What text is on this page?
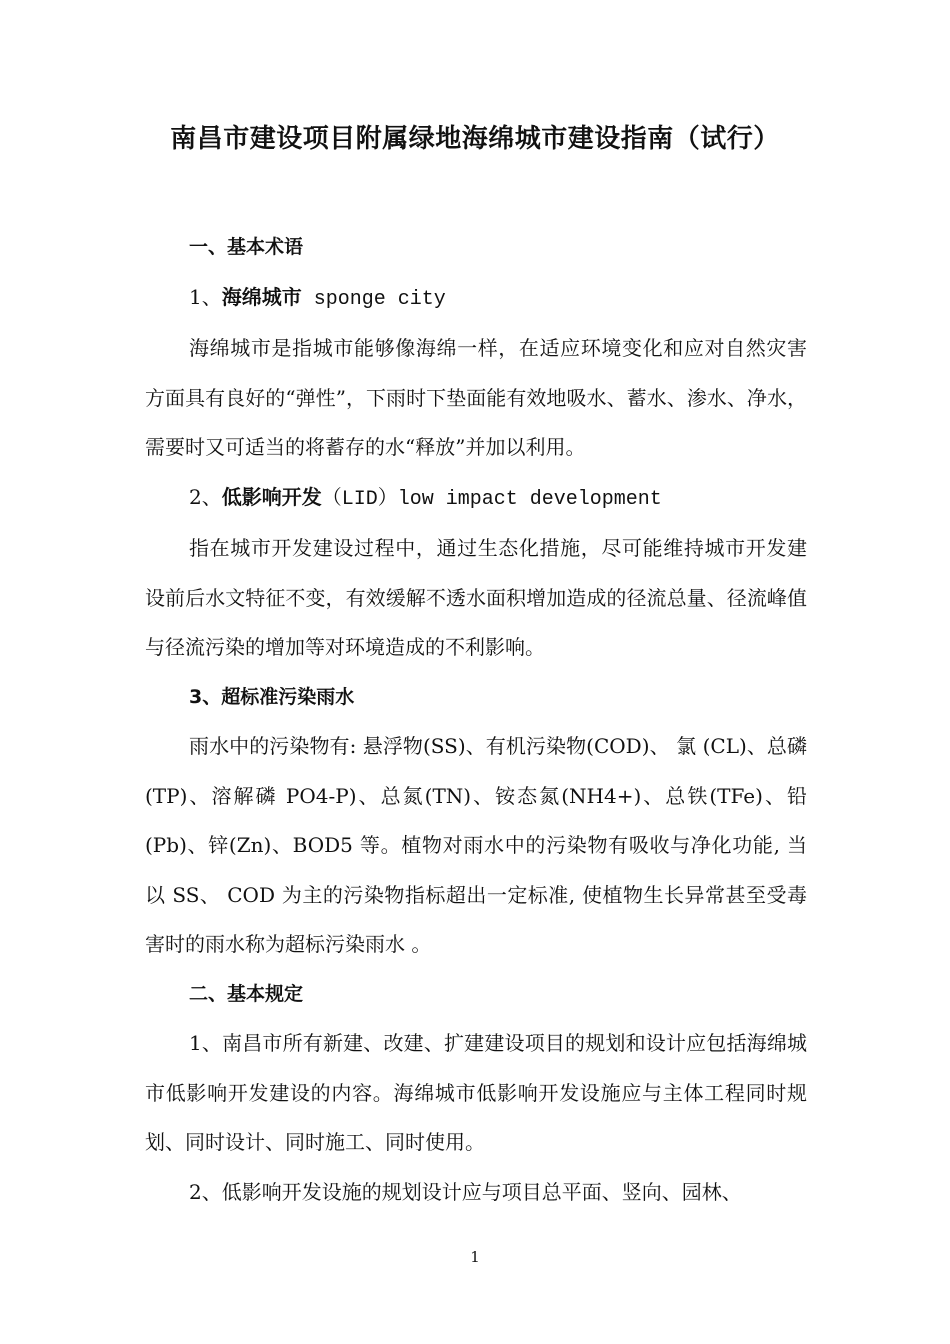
南昌市建设项目附属绿地海绵城市建设指南（试行）

一、基本术语

1、海绵城市 sponge city

海绵城市是指城市能够像海绵一样，在适应环境变化和应对自然灾害方面具有良好的“弹性”，下雨时下垫面能有效地吸水、蓄水、渗水、净水，需要时又可适当的将蓄存的水“释放”并加以利用。

2、低影响开发（LID）low impact development

指在城市开发建设过程中，通过生态化措施，尽可能维持城市开发建设前后水文特征不变，有效缓解不透水面积增加造成的径流总量、径流峰值与径流污染的增加等对环境造成的不利影响。

3、超标准污染雨水

雨水中的污染物有: 悬浮物(SS)、有机污染物(COD)、 氯 (CL)、总磷(TP)、溶解磷 PO4-P)、总氮(TN)、铵态氮(NH4+)、总铁(TFe)、铅(Pb)、锌(Zn)、BOD5 等。植物对雨水中的污染物有吸收与净化功能, 当以 SS、 COD 为主的污染物指标超出一定标准, 使植物生长异常甚至受毒害时的雨水称为超标污染雨水 。

二、基本规定

1、南昌市所有新建、改建、扩建建设项目的规划和设计应包括海绵城市低影响开发建设的内容。海绵城市低影响开发设施应与主体工程同时规划、同时设计、同时施工、同时使用。

2、低影响开发设施的规划设计应与项目总平面、竖向、园林、

1
